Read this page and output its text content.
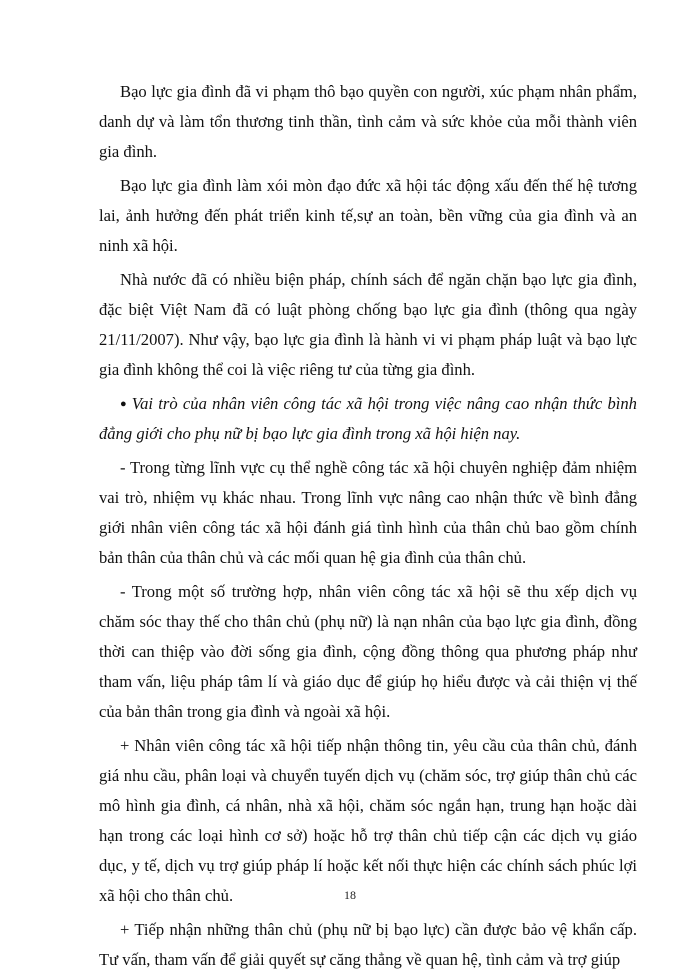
Bạo lực gia đình đã vi phạm thô bạo quyền con người, xúc phạm nhân phẩm, danh dự và làm tổn thương tinh thần, tình cảm và sức khỏe của mỗi thành viên gia đình.

Bạo lực gia đình làm xói mòn đạo đức xã hội tác động xấu đến thế hệ tương lai, ảnh hưởng đến phát triển kinh tế,sự an toàn, bền vững của gia đình và an ninh xã hội.

Nhà nước đã có nhiều biện pháp, chính sách để ngăn chặn bạo lực gia đình, đặc biệt Việt Nam đã có luật phòng chống bạo lực gia đình (thông qua ngày 21/11/2007). Như vậy, bạo lực gia đình là hành vi vi phạm pháp luật và bạo lực gia đình không thể coi là việc riêng tư của từng gia đình.

● Vai trò của nhân viên công tác xã hội trong việc nâng cao nhận thức bình đẳng giới cho phụ nữ bị bạo lực gia đình trong xã hội hiện nay.

- Trong từng lĩnh vực cụ thể nghề công tác xã hội chuyên nghiệp đảm nhiệm vai trò, nhiệm vụ khác nhau. Trong lĩnh vực nâng cao nhận thức về bình đẳng giới nhân viên công tác xã hội đánh giá tình hình của thân chủ bao gồm chính bản thân của thân chủ và các mối quan hệ gia đình của thân chủ.

- Trong một số trường hợp, nhân viên công tác xã hội sẽ thu xếp dịch vụ chăm sóc thay thế cho thân chủ (phụ nữ) là nạn nhân của bạo lực gia đình, đồng thời can thiệp vào đời sống gia đình, cộng đồng thông qua phương pháp như tham vấn, liệu pháp tâm lí và giáo dục để giúp họ hiểu được và cải thiện vị thế của bản thân trong gia đình và ngoài xã hội.

+ Nhân viên công tác xã hội tiếp nhận thông tin, yêu cầu của thân chủ, đánh giá nhu cầu, phân loại và chuyển tuyến dịch vụ (chăm sóc, trợ giúp thân chủ các mô hình gia đình, cá nhân, nhà xã hội, chăm sóc ngắn hạn, trung hạn hoặc dài hạn trong các loại hình cơ sở) hoặc hỗ trợ thân chủ tiếp cận các dịch vụ giáo dục, y tế, dịch vụ trợ giúp pháp lí hoặc kết nối thực hiện các chính sách phúc lợi xã hội cho thân chủ.

+ Tiếp nhận những thân chủ (phụ nữ bị bạo lực) cần được bảo vệ khẩn cấp. Tư vấn, tham vấn để giải quyết sự căng thẳng về quan hệ, tình cảm và trợ giúp

18
